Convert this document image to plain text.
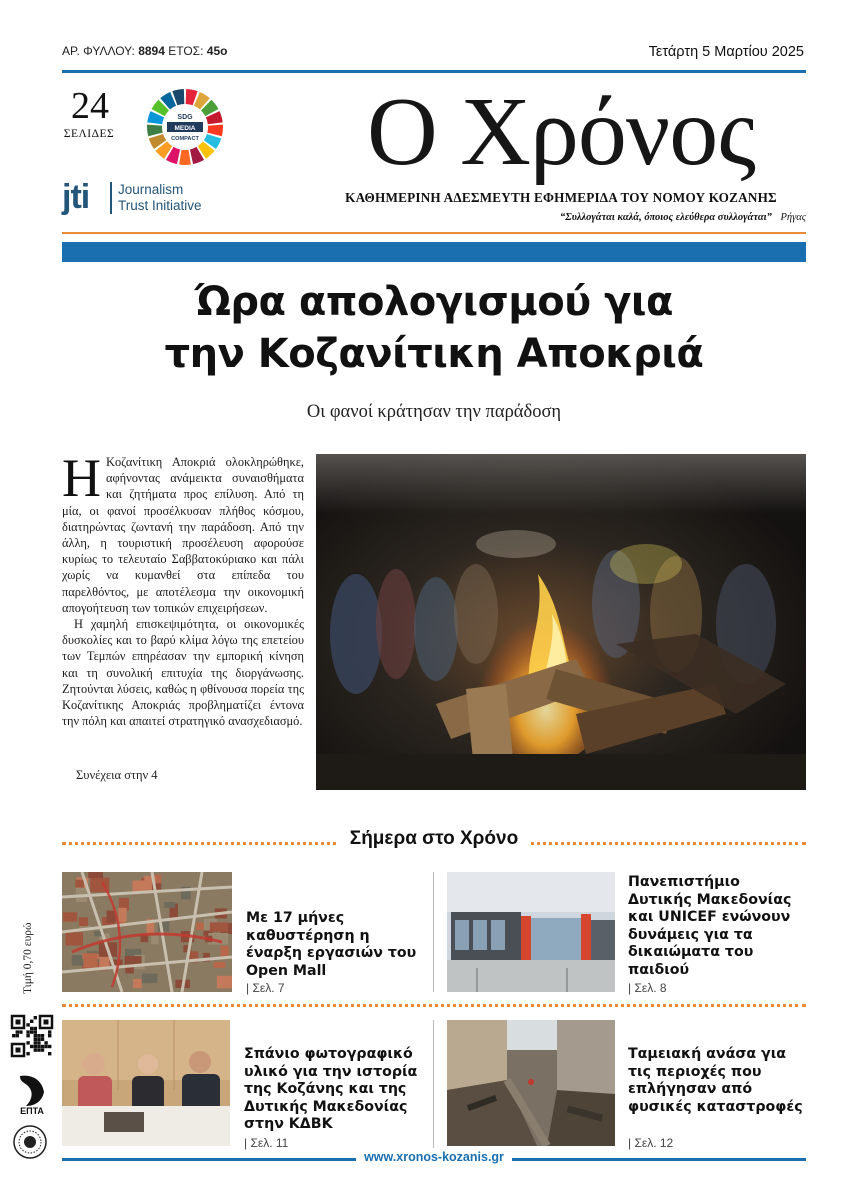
ΑΡ. ΦΥΛΛΟΥ: 8894 ΕΤΟΣ: 45ο	Τετάρτη 5 Μαρτίου 2025
24
ΣΕΛΙΔΕΣ
SDG
MEDIA
COMPACT
jti Journalism
Trust Initiative
Ο Χρόνος
ΚΑΘΗΜΕΡΙΝΗ ΑΔΕΣΜΕΥΤΗ ΕΦΗΜΕΡΙΔΑ ΤΟΥ ΝΟΜΟΥ ΚΟΖΑΝΗΣ
“Συλλογάται καλά, όποιος ελεύθερα συλλογάται” Ρήγας
Ώρα απολογισμού για
την Κοζανίτικη Αποκριά
Οι φανοί κράτησαν την παράδοση
Η Κοζανίτικη Αποκριά ολοκληρώθηκε, αφήνοντας ανάμεικτα συναισθήματα και ζητήματα προς επίλυση. Από τη μία, οι φανοί προσέλκυσαν πλήθος κόσμου, διατηρώντας ζωντανή την παράδοση. Από την άλλη, η τουριστική προσέλευση αφορούσε κυρίως το τελευταίο Σαββατοκύριακο και πάλι χωρίς να κυμανθεί στα επίπεδα του παρελθόντος, με αποτέλεσμα την οικονομική απογοήτευση των τοπικών επιχειρήσεων.

Η χαμηλή επισκεψιμότητα, οι οικονομικές δυσκολίες και το βαρύ κλίμα λόγω της επετείου των Τεμπών επηρέασαν την εμπορική κίνηση και τη συνολική επιτυχία της διοργάνωσης. Ζητούνται λύσεις, καθώς η φθίνουσα πορεία της Κοζανίτικης Αποκριάς προβληματίζει έντονα την πόλη και απαιτεί στρατηγικό ανασχεδιασμό.

Συνέχεια στην 4
Σήμερα στο Χρόνο
Με 17 μήνες καθυστέρηση η έναρξη εργασιών του Open Mall
| Σελ. 7
Πανεπιστήμιο Δυτικής Μακεδονίας και UNICEF ενώνουν δυνάμεις για τα δικαιώματα του παιδιού
| Σελ. 8
Σπάνιο φωτογραφικό υλικό για την ιστορία της Κοζάνης και της Δυτικής Μακεδονίας στην ΚΔΒΚ
| Σελ. 11
Ταμειακή ανάσα για τις περιοχές που επλήγησαν από φυσικές καταστροφές
| Σελ. 12
Τιμή 0,70 ευρώ
ΕΠΤΑ
www.xronos-kozanis.gr
